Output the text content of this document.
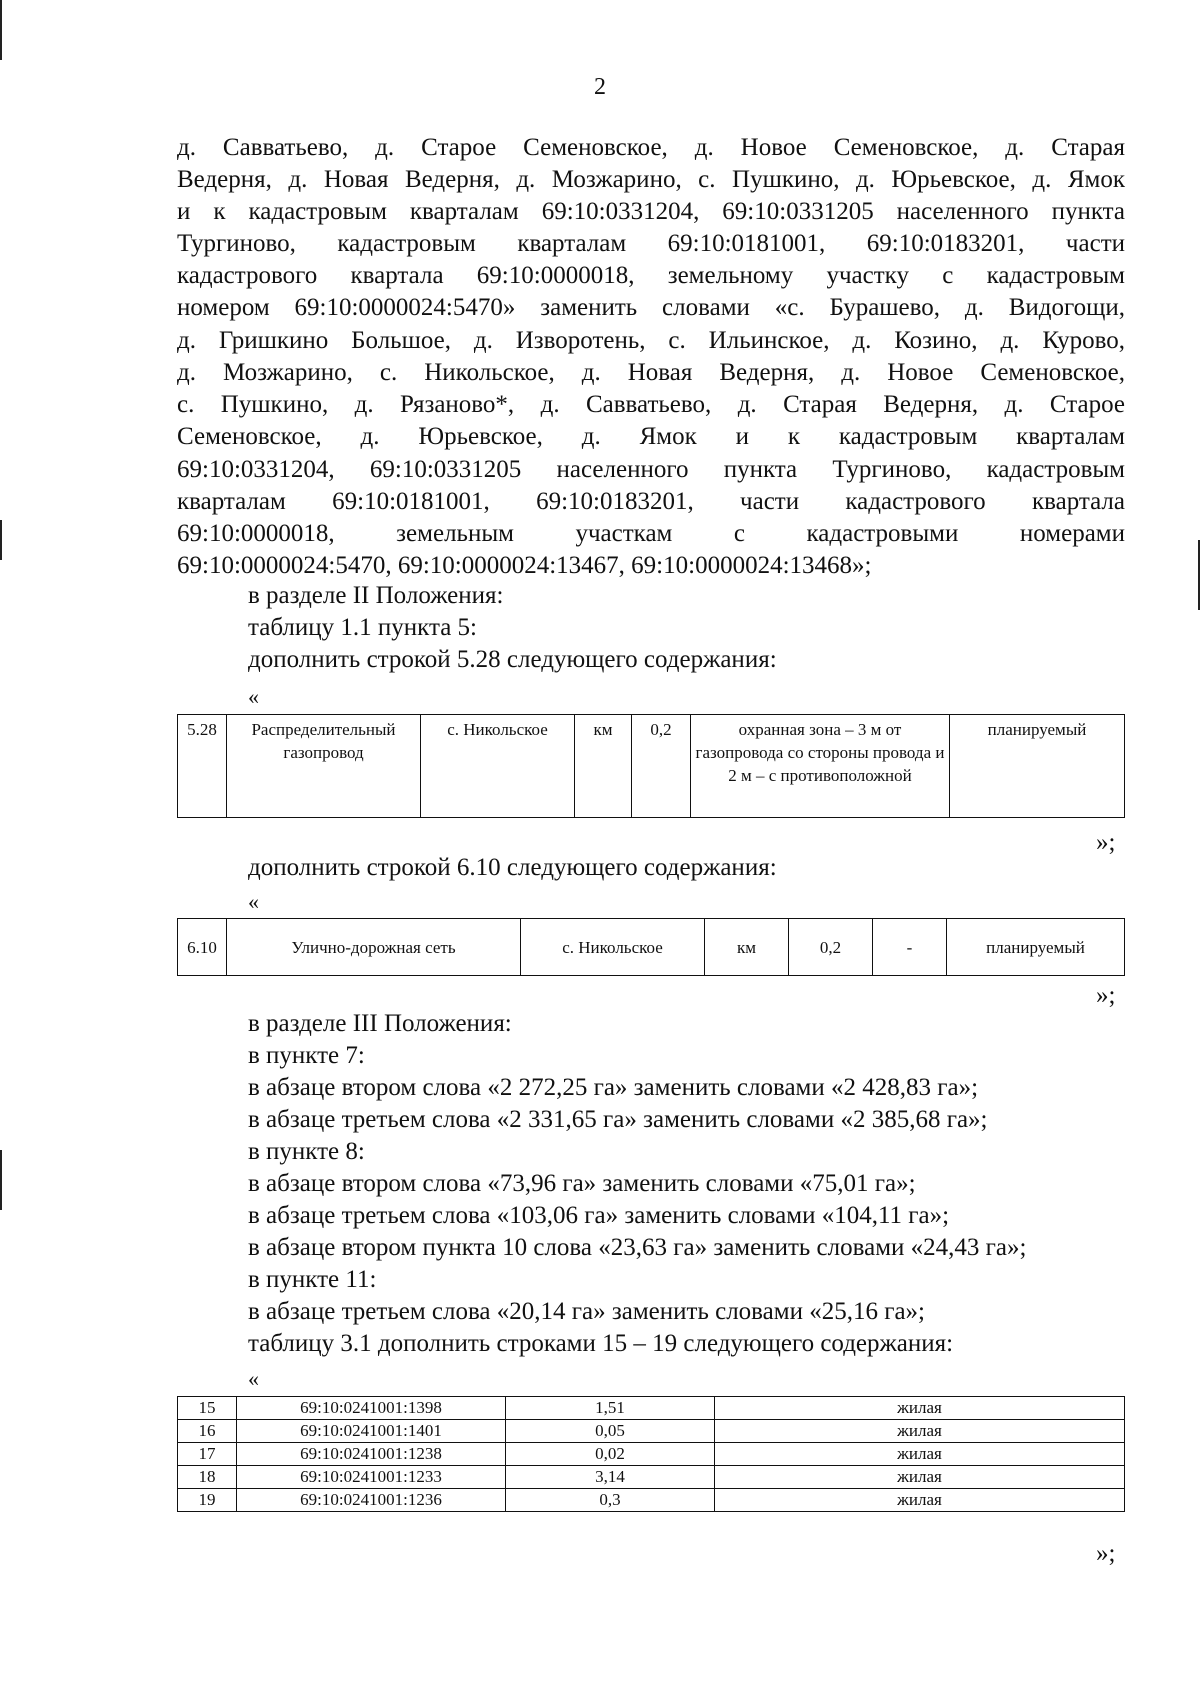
2

д. Савватьево, д. Старое Семеновское, д. Новое Семеновское, д. Старая

Ведерня, д. Новая Ведерня, д. Мозжарино, с. Пушкино, д. Юрьевское, д. Ямок

и к кадастровым кварталам 69:10:0331204, 69:10:0331205 населенного пункта

Тургиново, кадастровым кварталам 69:10:0181001, 69:10:0183201, части

кадастрового квартала 69:10:0000018, земельному участку с кадастровым

номером 69:10:0000024:5470» заменить словами «с. Бурашево, д. Видогощи,

д. Гришкино Большое, д. Изворотень, с. Ильинское, д. Козино, д. Курово,

д. Мозжарино, с. Никольское, д. Новая Ведерня, д. Новое Семеновское,

с. Пушкино, д. Рязаново*, д. Савватьево, д. Старая Ведерня, д. Старое

Семеновское, д. Юрьевское, д. Ямок и к кадастровым кварталам

69:10:0331204, 69:10:0331205 населенного пункта Тургиново, кадастровым

кварталам 69:10:0181001, 69:10:0183201, части кадастрового квартала

69:10:0000018, земельным участкам с кадастровыми номерами

69:10:0000024:5470, 69:10:0000024:13467, 69:10:0000024:13468»;

в разделе II Положения:

таблицу 1.1 пункта 5:

дополнить строкой 5.28 следующего содержания:

«

5.28	Распределительный газопровод	с. Никольское	км	0,2	охранная зона – 3 м от газопровода со стороны провода и 2 м – с противоположной	планируемый
»;

дополнить строкой 6.10 следующего содержания:

«

6.10	Улично-дорожная сеть	с. Никольское	км	0,2	-	планируемый
»;

в разделе III Положения:

в пункте 7:

в абзаце втором слова «2 272,25 га» заменить словами «2 428,83 га»;

в абзаце третьем слова «2 331,65 га» заменить словами «2 385,68 га»;

в пункте 8:

в абзаце втором слова «73,96 га» заменить словами «75,01 га»;

в абзаце третьем слова «103,06 га» заменить словами «104,11 га»;

в абзаце втором пункта 10 слова «23,63 га» заменить словами «24,43 га»;

в пункте 11:

в абзаце третьем слова «20,14 га» заменить словами «25,16 га»;

таблицу 3.1 дополнить строками 15 – 19 следующего содержания:

«

15	69:10:0241001:1398	1,51	жилая
16	69:10:0241001:1401	0,05	жилая
17	69:10:0241001:1238	0,02	жилая
18	69:10:0241001:1233	3,14	жилая
19	69:10:0241001:1236	0,3	жилая
»;
